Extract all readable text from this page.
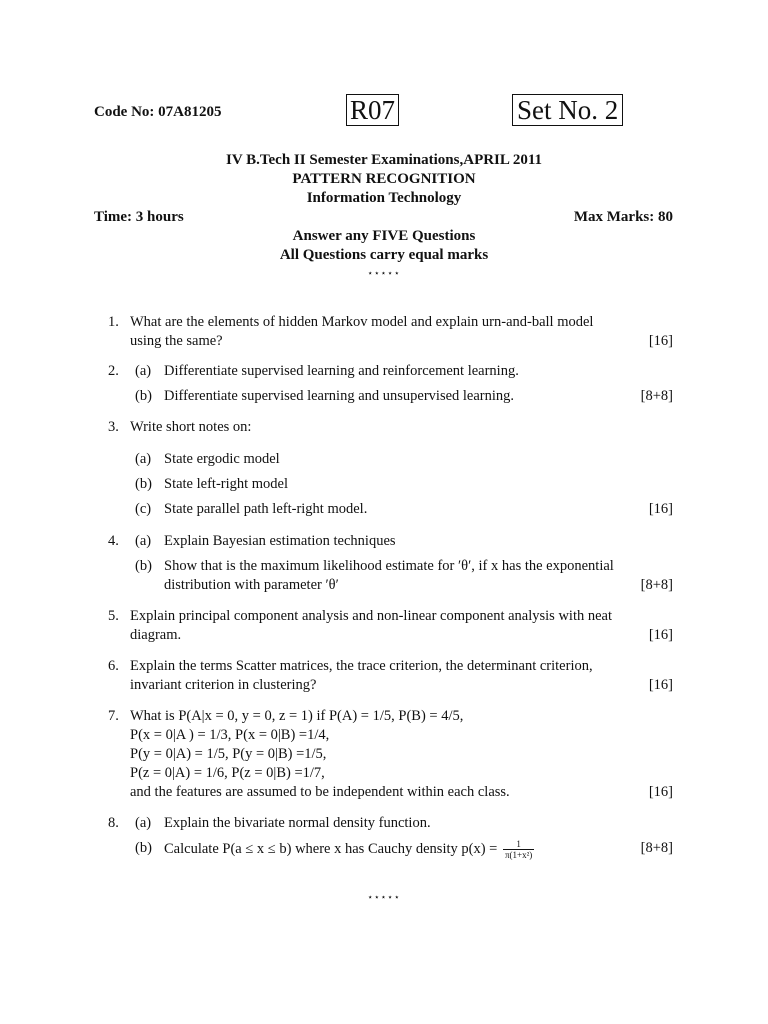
Code No: 07A81205	R07	Set No. 2
IV B.Tech II Semester Examinations,APRIL 2011
PATTERN RECOGNITION
Information Technology
Time: 3 hours	Max Marks: 80
Answer any FIVE Questions
All Questions carry equal marks
⋆⋆⋆⋆⋆
1. What are the elements of hidden Markov model and explain urn-and-ball model
using the same?	[16]
2. (a) Differentiate supervised learning and reinforcement learning.
(b) Differentiate supervised learning and unsupervised learning.	[8+8]
3. Write short notes on:
(a) State ergodic model
(b) State left-right model
(c) State parallel path left-right model.	[16]
4. (a) Explain Bayesian estimation techniques
(b) Show that is the maximum likelihood estimate for ′θ′, if x has the exponential
distribution with parameter ′θ′	[8+8]
5. Explain principal component analysis and non-linear component analysis with neat
diagram.	[16]
6. Explain the terms Scatter matrices, the trace criterion, the determinant criterion,
invariant criterion in clustering?	[16]
7. What is P(A|x = 0, y = 0, z = 1) if P(A) = 1/5, P(B) = 4/5,
P(x = 0|A ) = 1/3, P(x = 0|B) =1/4,
P(y = 0|A) = 1/5, P(y = 0|B) =1/5,
P(z = 0|A) = 1/6, P(z = 0|B) =1/7,
and the features are assumed to be independent within each class.	[16]
8. (a) Explain the bivariate normal density function.
(b) Calculate P(a ≤ x ≤ b) where x has Cauchy density $p(x) = \frac{1}{\text{π(1+x²)}}$	[8+8]
⋆⋆⋆⋆⋆
